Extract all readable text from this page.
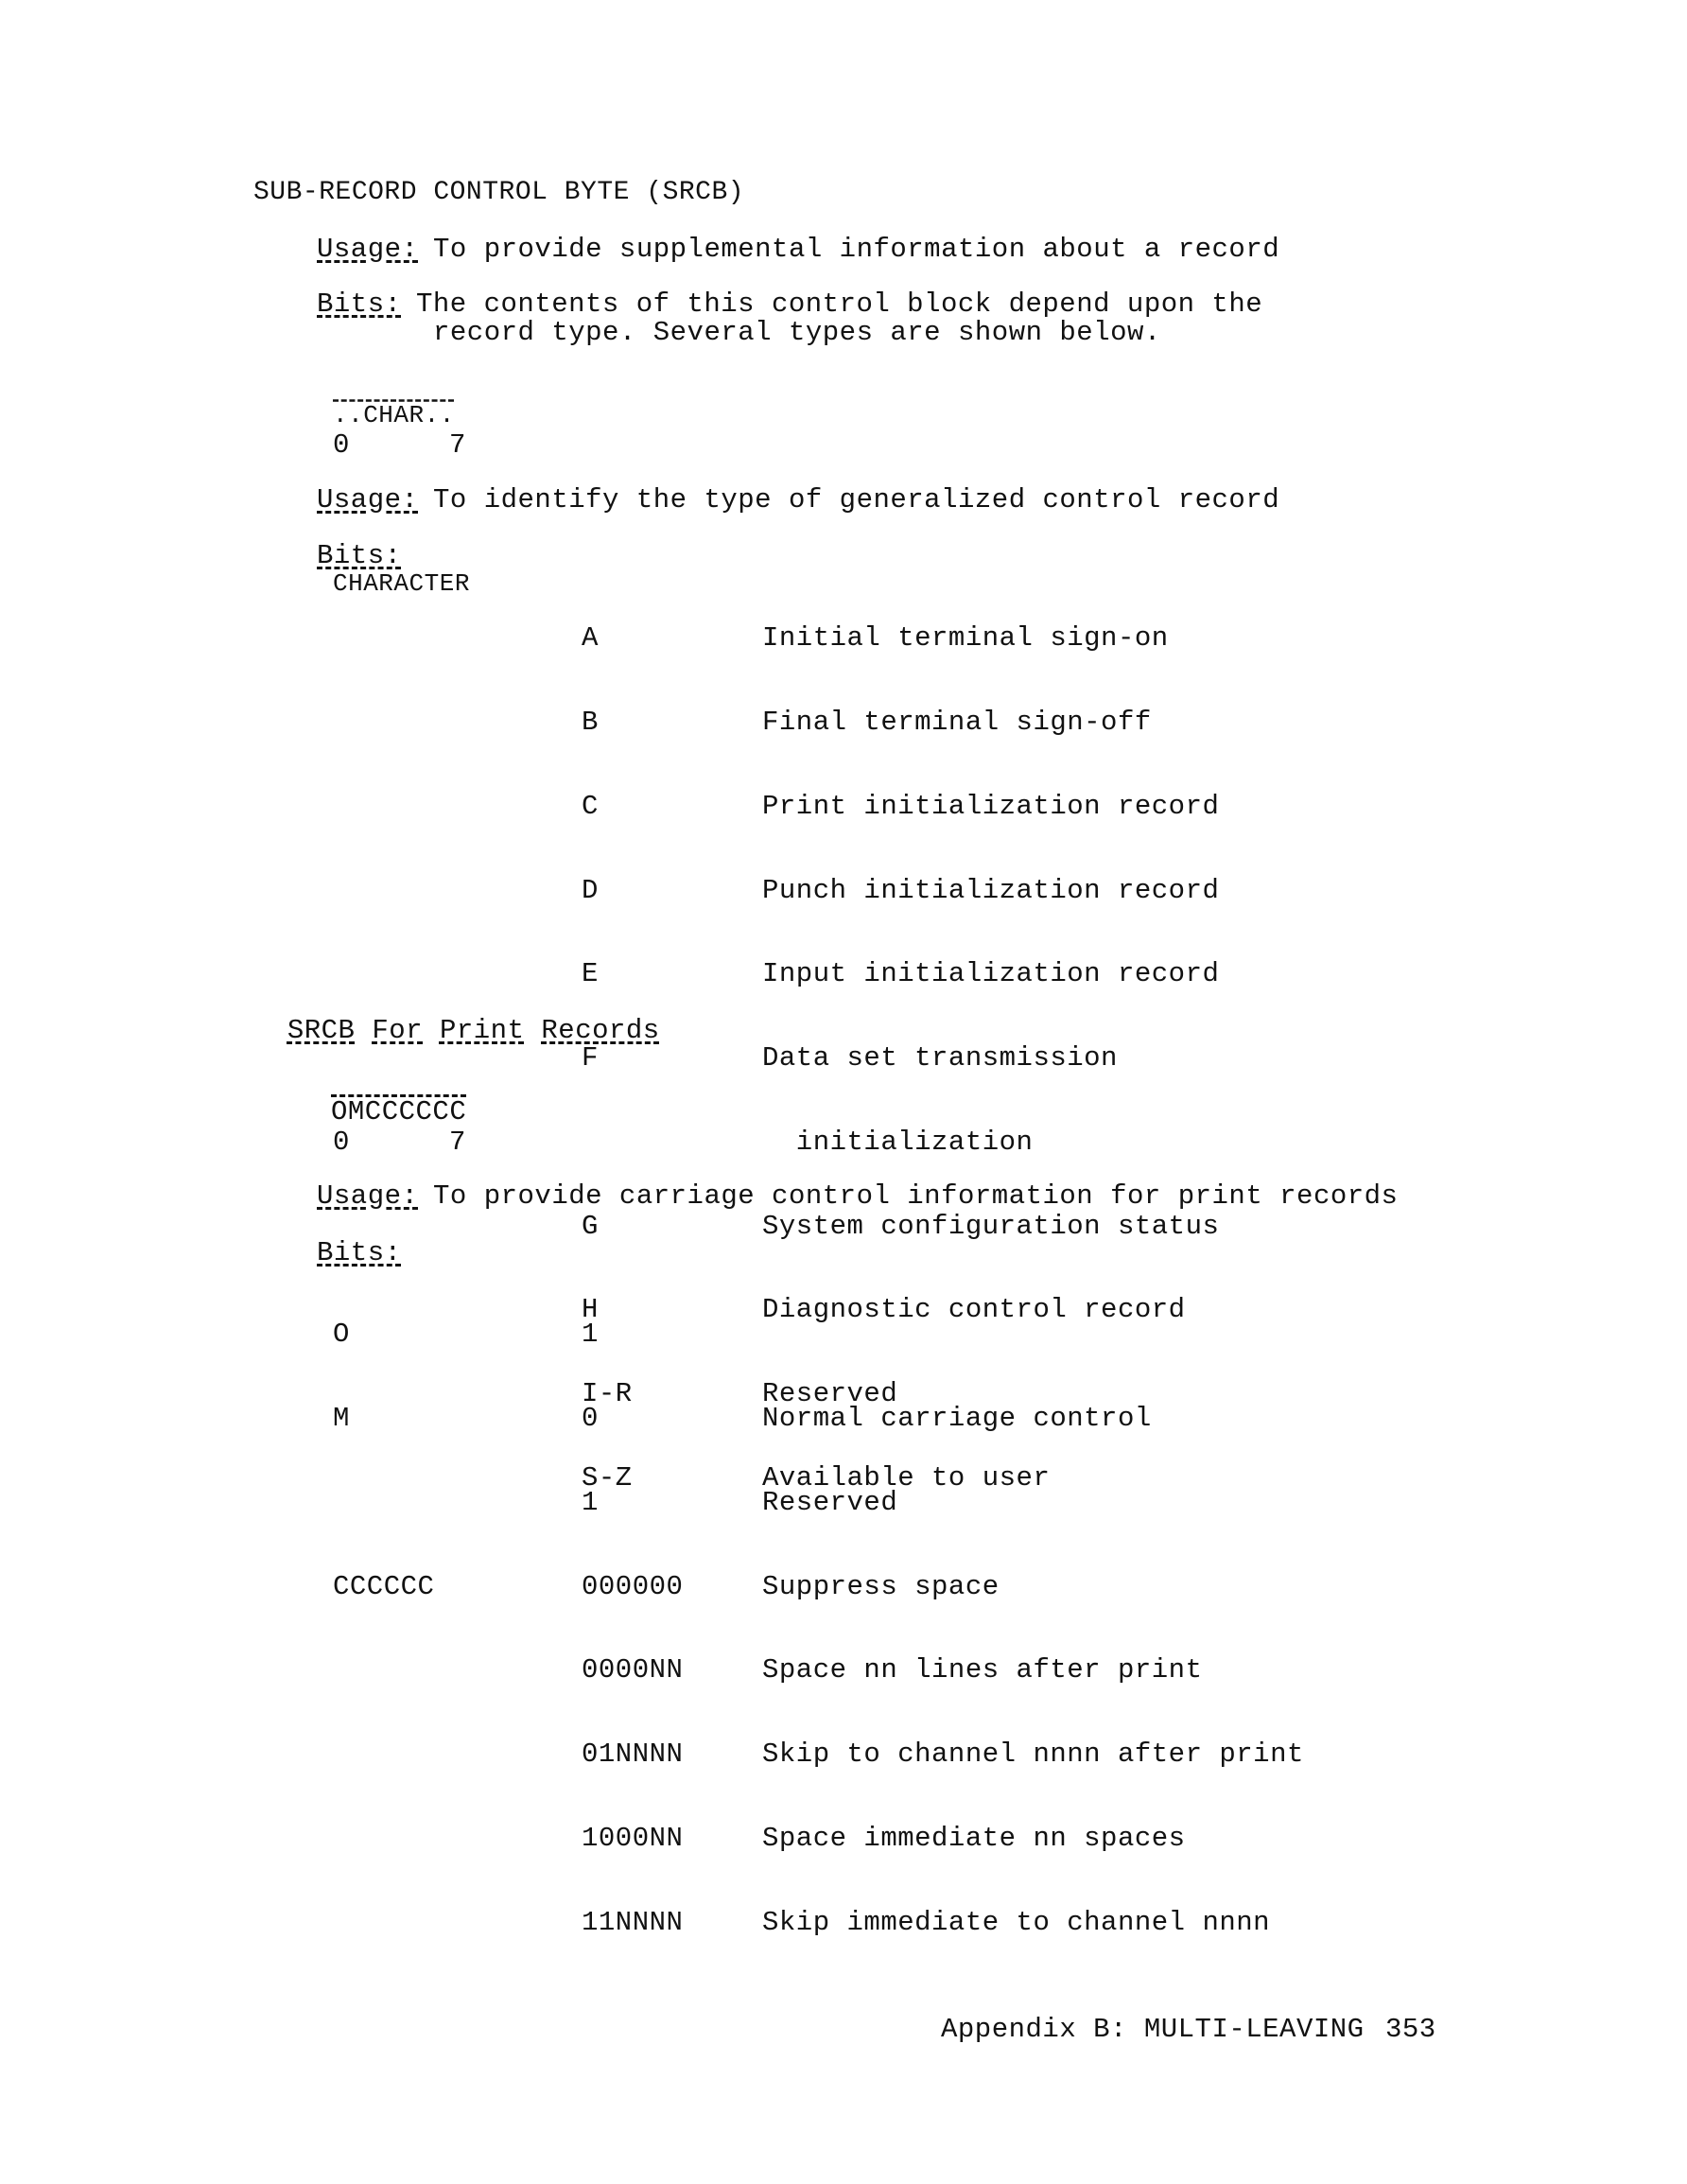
SUB-RECORD CONTROL BYTE (SRCB)
Usage: To provide supplemental information about a record
Bits: The contents of this control block depend upon the
record type. Several types are shown below.
..CHAR..
0	7
Usage: To identify the type of generalized control record
Bits:
CHARACTER

A

B

C

D

E

F

G

H

I-R

S-Z

Initial terminal sign-on

Final terminal sign-off

Print initialization record

Punch initialization record

Input initialization record

Data set transmission

initialization

System configuration status

Diagnostic control record

Reserved

Available to user

SRCB For Print Records

OMCCCCCC
0	7
Usage: To provide carriage control information for print records
Bits:

O

M

CCCCCC

1

0

1

000000

0000NN

01NNNN

1000NN

11NNNN

Normal carriage control

Reserved

Suppress space

Space nn lines after print

Skip to channel nnnn after print

Space immediate nn spaces

Skip immediate to channel nnnn

Appendix B: MULTI-LEAVING 353
